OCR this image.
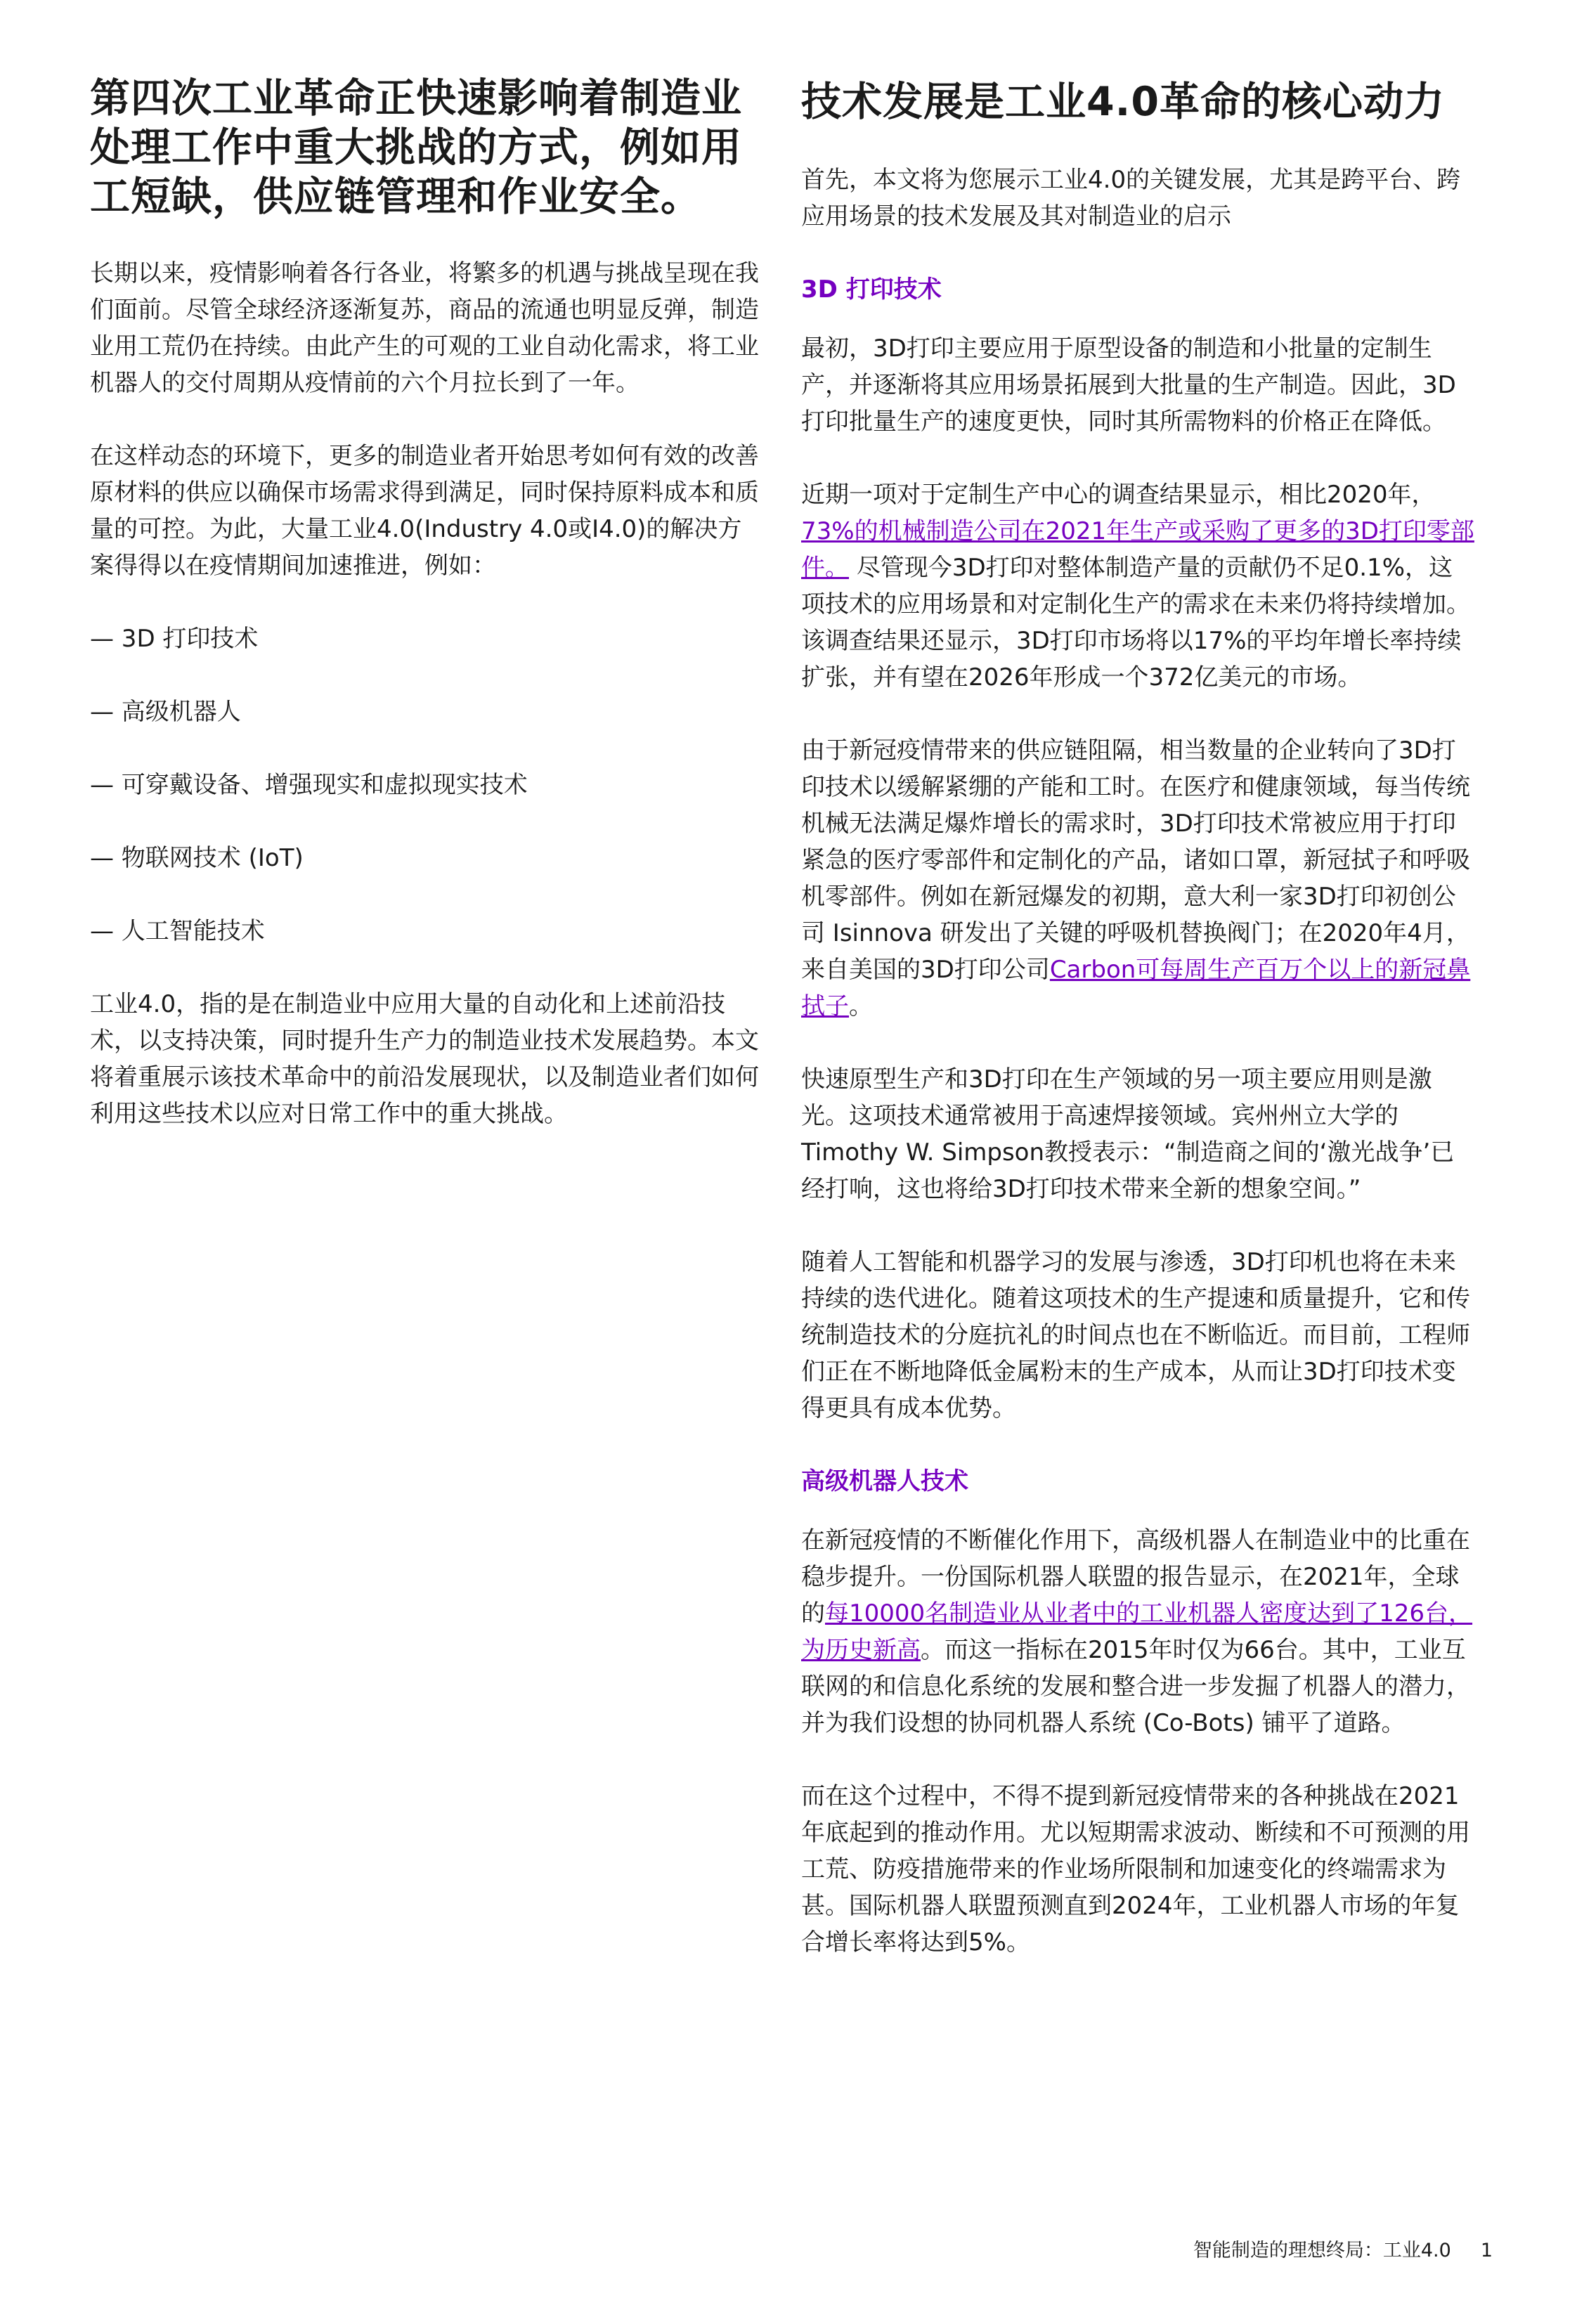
第四次工业革命正快速影响着制造业处理工作中重大挑战的方式，例如用工短缺，供应链管理和作业安全。

长期以来，疫情影响着各行各业，将繁多的机遇与挑战呈现在我们面前。尽管全球经济逐渐复苏，商品的流通也明显反弹，制造业用工荒仍在持续。由此产生的可观的工业自动化需求，将工业机器人的交付周期从疫情前的六个月拉长到了一年。

在这样动态的环境下，更多的制造业者开始思考如何有效的改善原材料的供应以确保市场需求得到满足，同时保持原料成本和质量的可控。为此，大量工业4.0(Industry 4.0或I4.0)的解决方案得得以在疫情期间加速推进，例如：

— 3D 打印技术
— 高级机器人
— 可穿戴设备、增强现实和虚拟现实技术
— 物联网技术 (IoT)
— 人工智能技术

工业4.0，指的是在制造业中应用大量的自动化和上述前沿技术，以支持决策，同时提升生产力的制造业技术发展趋势。本文将着重展示该技术革命中的前沿发展现状，以及制造业者们如何利用这些技术以应对日常工作中的重大挑战。

技术发展是工业4.0革命的核心动力

首先，本文将为您展示工业4.0的关键发展，尤其是跨平台、跨应用场景的技术发展及其对制造业的启示

3D 打印技术

最初，3D打印主要应用于原型设备的制造和小批量的定制生产，并逐渐将其应用场景拓展到大批量的生产制造。因此，3D打印批量生产的速度更快，同时其所需物料的价格正在降低。

近期一项对于定制生产中心的调查结果显示，相比2020年，73%的机械制造公司在2021年生产或采购了更多的3D打印零部件。 尽管现今3D打印对整体制造产量的贡献仍不足0.1%，这项技术的应用场景和对定制化生产的需求在未来仍将持续增加。该调查结果还显示，3D打印市场将以17%的平均年增长率持续扩张，并有望在2026年形成一个372亿美元的市场。

由于新冠疫情带来的供应链阻隔，相当数量的企业转向了3D打印技术以缓解紧绷的产能和工时。在医疗和健康领域，每当传统机械无法满足爆炸增长的需求时，3D打印技术常被应用于打印紧急的医疗零部件和定制化的产品，诸如口罩，新冠拭子和呼吸机零部件。例如在新冠爆发的初期，意大利一家3D打印初创公司 Isinnova 研发出了关键的呼吸机替换阀门；在2020年4月，来自美国的3D打印公司Carbon可每周生产百万个以上的新冠鼻拭子。

快速原型生产和3D打印在生产领域的另一项主要应用则是激光。这项技术通常被用于高速焊接领域。宾州州立大学的Timothy W. Simpson教授表示：“制造商之间的‘激光战争’已经打响，这也将给3D打印技术带来全新的想象空间。”

随着人工智能和机器学习的发展与渗透，3D打印机也将在未来持续的迭代进化。随着这项技术的生产提速和质量提升，它和传统制造技术的分庭抗礼的时间点也在不断临近。而目前，工程师们正在不断地降低金属粉末的生产成本，从而让3D打印技术变得更具有成本优势。

高级机器人技术

在新冠疫情的不断催化作用下，高级机器人在制造业中的比重在稳步提升。一份国际机器人联盟的报告显示，在2021年，全球的每10000名制造业从业者中的工业机器人密度达到了126台，为历史新高。而这一指标在2015年时仅为66台。其中，工业互联网的和信息化系统的发展和整合进一步发掘了机器人的潜力，并为我们设想的协同机器人系统 (Co-Bots) 铺平了道路。

而在这个过程中，不得不提到新冠疫情带来的各种挑战在2021年底起到的推动作用。尤以短期需求波动、断续和不可预测的用工荒、防疫措施带来的作业场所限制和加速变化的终端需求为甚。国际机器人联盟预测直到2024年，工业机器人市场的年复合增长率将达到5%。

智能制造的理想终局：工业4.0 1
